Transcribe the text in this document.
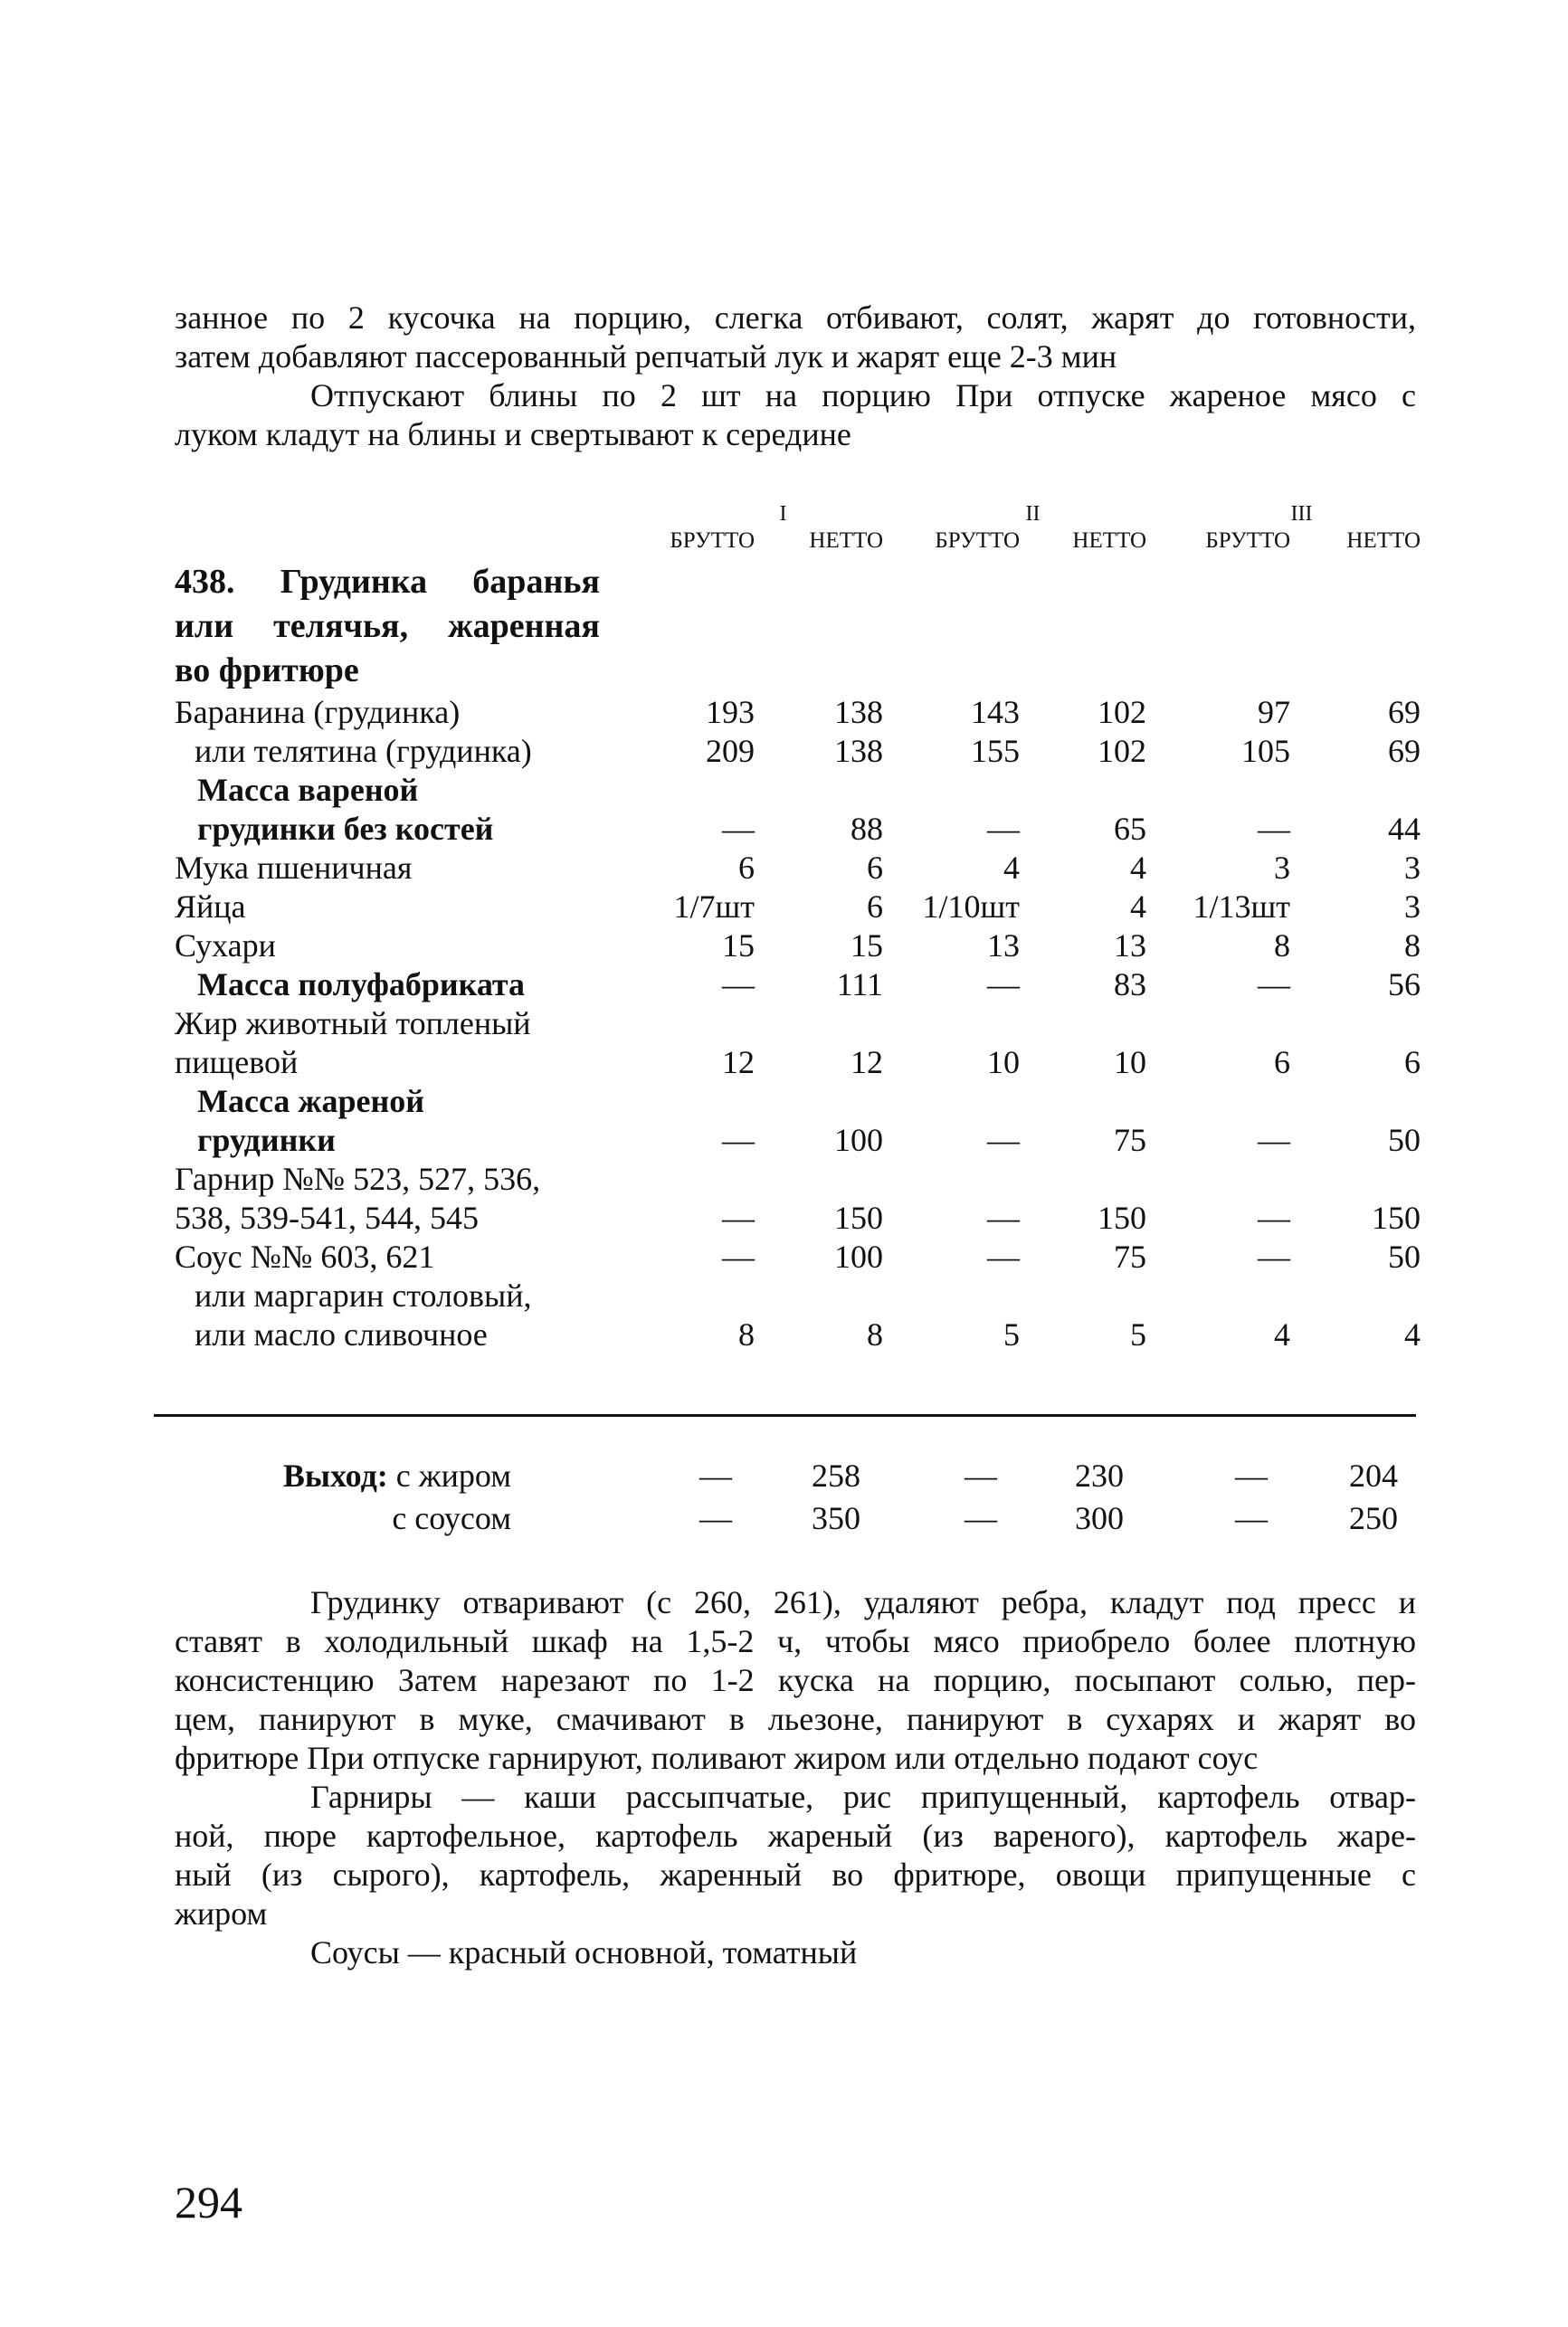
занное по 2 кусочка на порцию, слегка отбивают, солят, жарят до готовности,
затем добавляют пассерованный репчатый лук и жарят еще 2-3 мин
Отпускают блины по 2 шт на порцию При отпуске жареное мясо с
луком кладут на блины и свертывают к середине
	I		II		III	
	БРУТТО	НЕТТО	БРУТТО	НЕТТО	БРУТТО	НЕТТО

438. Грудинка баранья
или телячья, жаренная
во фритюре						

Баранина (грудинка)	193	138	143	102	97	69

или телятина (грудинка)	209	138	155	102	105	69

Масса вареной
грудинки без костей	—	88	—	65	—	44

Мука пшеничная	6	6	4	4	3	3

Яйца	1/7шт	6	1/10шт	4	1/13шт	3

Сухари	15	15	13	13	8	8

Масса полуфабриката	—	111	—	83	—	56

Жир животный топленый
пищевой	12	12	10	10	6	6

Масса жареной
грудинки	—	100	—	75	—	50

Гарнир №№ 523, 527, 536,
538, 539-541, 544, 545	—	150	—	150	—	150

Соус №№ 603, 621	—	100	—	75	—	50

или маргарин столовый,
или масло сливочное	8	8	5	5	4	4
Выход: с жиром	—	258	—	230	—	204
с соусом	—	350	—	300	—	250
Грудинку отваривают (с 260, 261), удаляют ребра, кладут под пресс и
ставят в холодильный шкаф на 1,5-2 ч, чтобы мясо приобрело более плотную
консистенцию Затем нарезают по 1-2 куска на порцию, посыпают солью, пер-
цем, панируют в муке, смачивают в льезоне, панируют в сухарях и жарят во
фритюре При отпуске гарнируют, поливают жиром или отдельно подают соус
Гарниры — каши рассыпчатые, рис припущенный, картофель отвар-
ной, пюре картофельное, картофель жареный (из вареного), картофель жаре-
ный (из сырого), картофель, жаренный во фритюре, овощи припущенные с
жиром
Соусы — красный основной, томатный
294
